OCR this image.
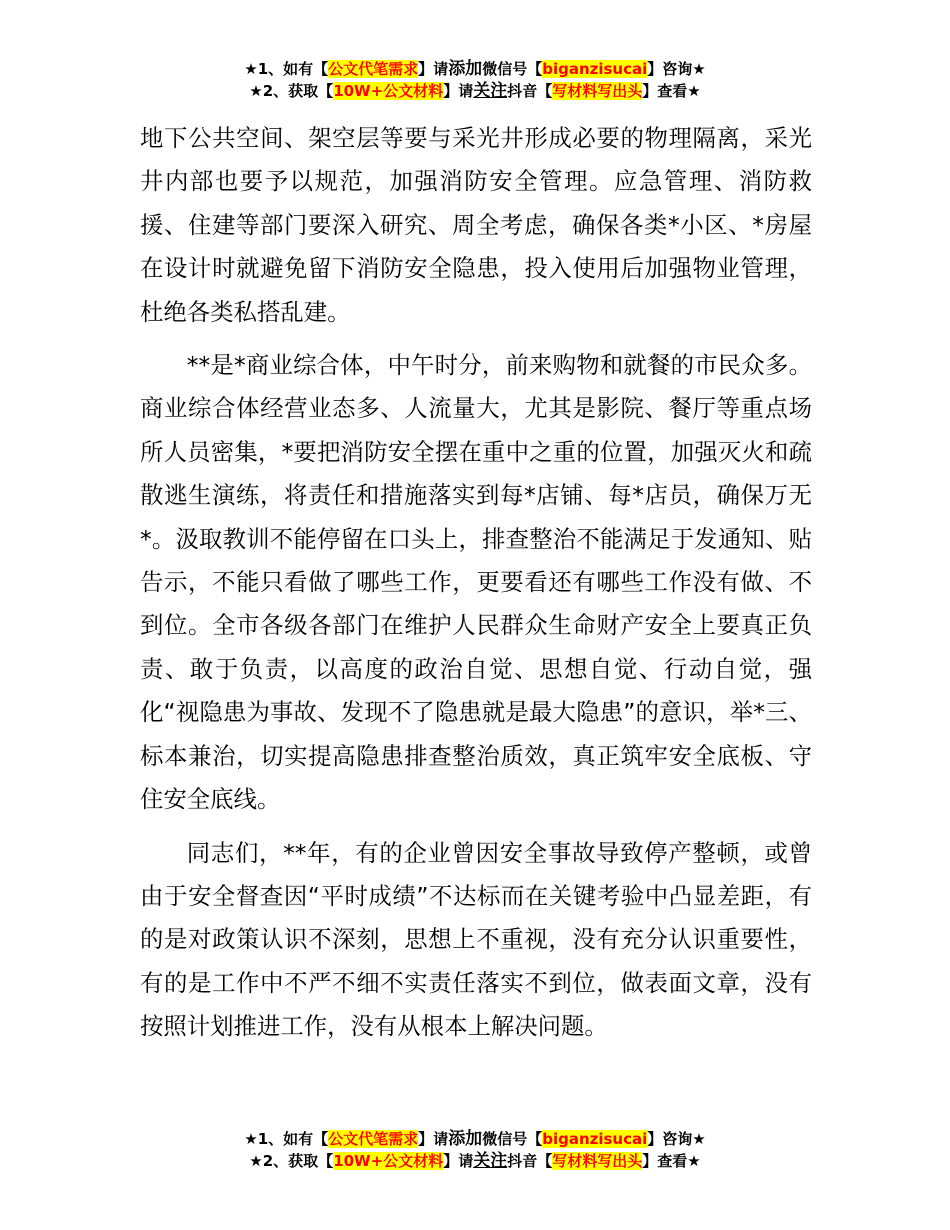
★1、如有【公文代笔需求】请添加微信号【biganzisucai】咨询★
★2、获取【10W+公文材料】请关注抖音【写材料写出头】查看★

地下公共空间、架空层等要与采光井形成必要的物理隔离，采光井内部也要予以规范，加强消防安全管理。应急管理、消防救援、住建等部门要深入研究、周全考虑，确保各类*小区、*房屋在设计时就避免留下消防安全隐患，投入使用后加强物业管理，杜绝各类私搭乱建。

**是*商业综合体，中午时分，前来购物和就餐的市民众多。商业综合体经营业态多、人流量大，尤其是影院、餐厅等重点场所人员密集，*要把消防安全摆在重中之重的位置，加强灭火和疏散逃生演练，将责任和措施落实到每*店铺、每*店员，确保万无*。汲取教训不能停留在口头上，排查整治不能满足于发通知、贴告示，不能只看做了哪些工作，更要看还有哪些工作没有做、不到位。全市各级各部门在维护人民群众生命财产安全上要真正负责、敢于负责，以高度的政治自觉、思想自觉、行动自觉，强化“视隐患为事故、发现不了隐患就是最大隐患”的意识，举*三、标本兼治，切实提高隐患排查整治质效，真正筑牢安全底板、守住安全底线。

同志们，**年，有的企业曾因安全事故导致停产整顿，或曾由于安全督查因“平时成绩”不达标而在关键考验中凸显差距，有的是对政策认识不深刻，思想上不重视，没有充分认识重要性，有的是工作中不严不细不实责任落实不到位，做表面文章，没有按照计划推进工作，没有从根本上解决问题。

★1、如有【公文代笔需求】请添加微信号【biganzisucai】咨询★
★2、获取【10W+公文材料】请关注抖音【写材料写出头】查看★
